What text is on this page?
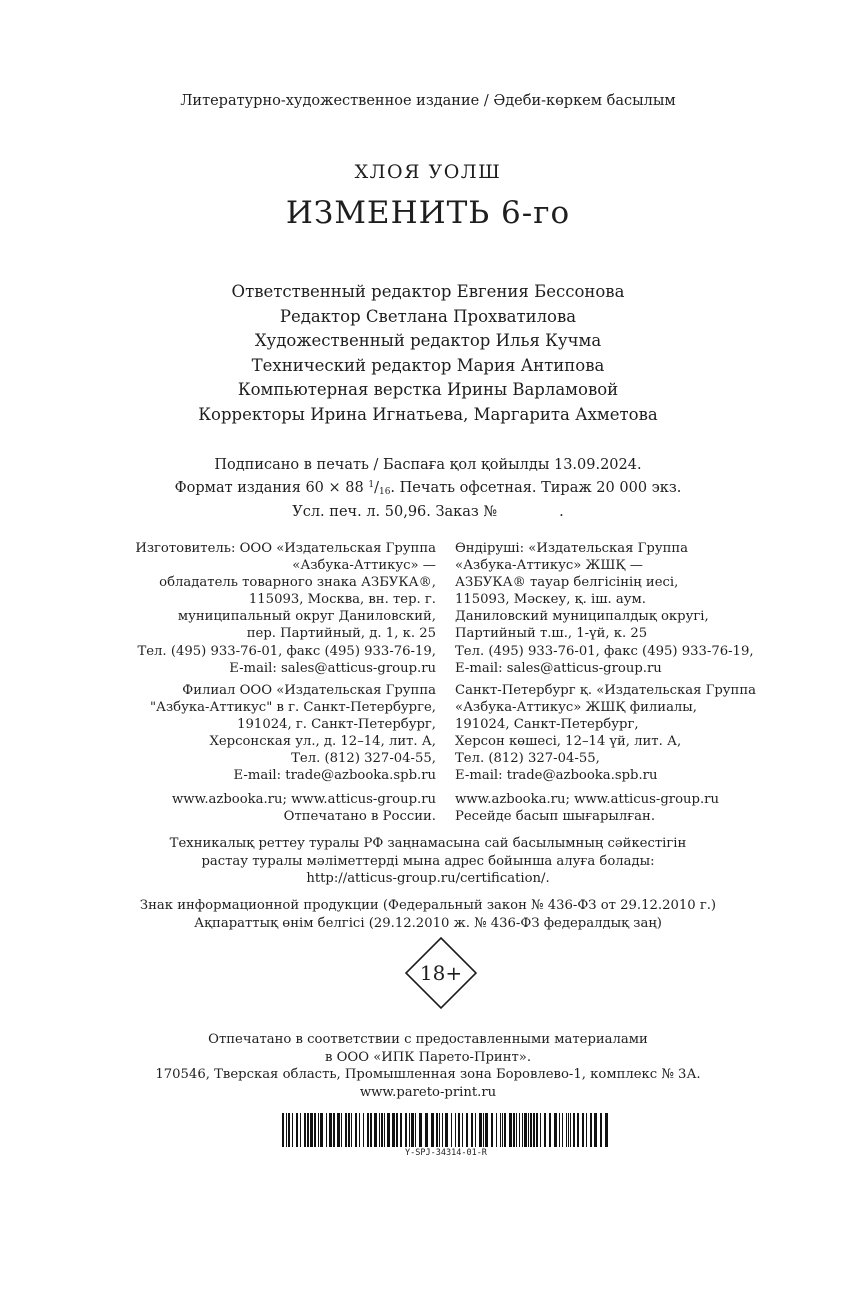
Литературно-художественное издание / Әдеби-көркем басылым
ХЛОЯ УОЛШ
ИЗМЕНИТЬ 6-го
Ответственный редактор Евгения Бессонова
Редактор Светлана Прохватилова
Художественный редактор Илья Кучма
Технический редактор Мария Антипова
Компьютерная верстка Ирины Варламовой
Корректоры Ирина Игнатьева, Маргарита Ахметова
Подписано в печать / Баспаға қол қойылды 13.09.2024.
Формат издания 60 × 88 $^1/_{16}$. Печать офсетная. Тираж 20 000 экз.
Усл. печ. л. 50,96. Заказ №	.
Изготовитель: ООО «Издательская Группа
«Азбука-Аттикус» —
обладатель товарного знака АЗБУКА®,
115093, Москва, вн. тер. г.
муниципальный округ Даниловский,
пер. Партийный, д. 1, к. 25
Тел. (495) 933-76-01, факс (495) 933-76-19,
E-mail: sales@atticus-group.ru
Өндіруші: «Издательская Группа
«Азбука-Аттикус» ЖШҚ —
АЗБУКА® тауар белгісінің иесі,
115093, Мәскеу, қ. іш. аум.
Даниловский муниципалдық округі,
Партийный т.ш., 1-үй, к. 25
Тел. (495) 933-76-01, факс (495) 933-76-19,
E-mail: sales@atticus-group.ru
Филиал ООО «Издательская Группа
"Азбука-Аттикус" в г. Санкт-Петербурге,
191024, г. Санкт-Петербург,
Херсонская ул., д. 12–14, лит. А,
Тел. (812) 327-04-55,
E-mail: trade@azbooka.spb.ru
Санкт-Петербург қ. «Издательская Группа
«Азбука-Аттикус» ЖШҚ филиалы,
191024, Санкт-Петербург,
Херсон көшесі, 12–14 үй, лит. А,
Тел. (812) 327-04-55,
E-mail: trade@azbooka.spb.ru
www.azbooka.ru; www.atticus-group.ru
Отпечатано в России.
www.azbooka.ru; www.atticus-group.ru
Ресейде басып шығарылған.
Техникалық реттеу туралы РФ заңнамасына сай басылымның сәйкестігін
растау туралы мәліметтерді мына адрес бойынша алуға болады:
http://atticus-group.ru/certification/.
Знак информационной продукции (Федеральный закон № 436-ФЗ от 29.12.2010 г.)
Ақпараттық өнім белгісі (29.12.2010 ж. № 436-ФЗ федералдық заң)
18+
Отпечатано в соответствии с предоставленными материалами
в ООО «ИПК Парето-Принт».
170546, Тверская область, Промышленная зона Боровлево-1, комплекс № 3А.
www.pareto-print.ru
Y-SPJ-34314-01-R
